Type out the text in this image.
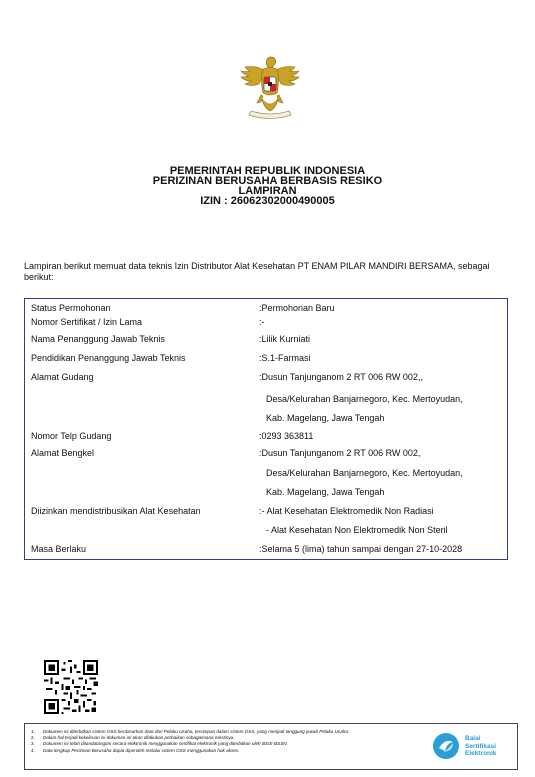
PEMERINTAH REPUBLIK INDONESIA
PERIZINAN BERUSAHA BERBASIS RESIKO
LAMPIRAN
IZIN : 2606230200049000​5
Lampiran berikut memuat data teknis Izin Distributor Alat Kesehatan PT ENAM PILAR MANDIRI BERSAMA, sebagai berikut:
Status Permohonan	:Permohonan Baru
Nomor Sertifikat / Izin Lama	:-
Nama Penanggung Jawab Teknis	:Lilik Kurniati
Pendidikan Penanggung Jawab Teknis	:S.1-Farmasi
Alamat Gudang	:Dusun Tanjunganom 2 RT 006 RW 002,,
Desa/Kelurahan Banjarnegoro, Kec. Mertoyudan,
Kab. Magelang, Jawa Tengah
Nomor Telp Gudang	:0293 363811
Alamat Bengkel	:Dusun Tanjunganom 2 RT 006 RW 002,
Desa/Kelurahan Banjarnegoro, Kec. Mertoyudan,
Kab. Magelang, Jawa Tengah
Diizinkan mendistribusikan Alat Kesehatan	:- Alat Kesehatan Elektromedik Non Radiasi
- Alat Kesehatan Non Elektromedik Non Steril
Masa Berlaku	:Selama 5 (lima) tahun sampai dengan 27-10-2028
1. Dokumen ini diterbitkan sistem OSS berdasarkan data dari Pelaku Usaha, tersimpan dalam sistem OSS, yang menjadi tanggung jawab Pelaku Usaha.
2. Dalam hal terjadi kekeliruan isi dokumen ini akan dilakukan perbaikan sebagaimana mestinya.
3. Dokumen ini telah ditandatangani secara elektronik menggunakan sertifikat elektronik yang diterbitkan oleh BSrE-BSSN.
4. Data lengkap Perizinan Berusaha dapat diperoleh melalui sistem OSS menggunakan hak akses.
Balai
Sertifikasi
Elektronik
